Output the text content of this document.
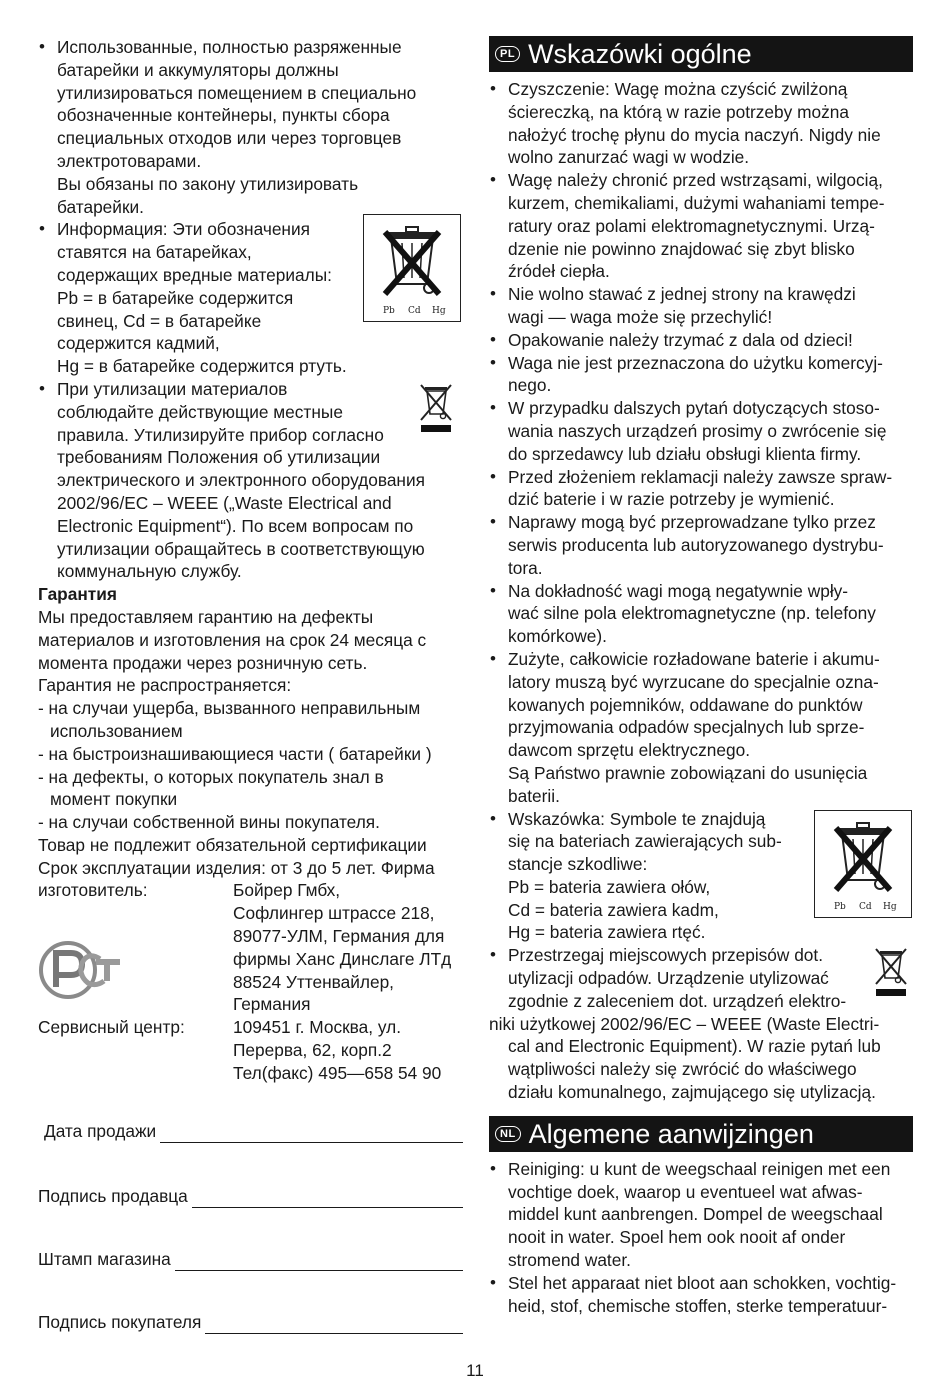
• Использованные, полностью разряженные

батарейки и аккумуляторы должны

утилизироваться помещением в специально

обозначенные контейнеры, пункты сбора

специальных отходов или через торговцев

электротоварами.

Вы обязаны по закону утилизировать

батарейки.

• Pb Cd Hg

Информация: Эти обозначения

ставятся на батарейках,

содержащих вредные материалы:

Pb = в батарейке содержится

свинец, Cd = в батарейке

содержится кадмий,

Hg = в батарейке содержится ртуть.

• При утилизации материалов

соблюдайте действующие местные

правила. Утилизируйте прибор согласно

требованиям Положения об утилизации

электрического и электронного оборудования

2002/96/EC – WEEE („Waste Electrical and

Electronic Equipment“). По всем вопросам по

утилизации обращайтесь в соответствующую

коммунальную службу.

Гарантия

Мы предоставляем гарантию на дефекты

материалов и изготовления на срок 24 месяца с

момента продажи через розничную сеть.

Гарантия не распространяется:

- на случаи ущерба, вызванного неправильным

использованием

- на быстроизнашивающиеся части ( батарейки )

- на дефекты, о которых покупатель знал в

момент покупки

- на случаи собственной вины покупателя.

Товар не подлежит обязательной сертификации

Срок эксплуатации изделия: от 3 до 5 лет. Фирма

изготовитель:	Бойрер Гмбх,

Софлингер штрассе 218,

89077-УЛМ, Германия для

фирмы Ханс Динслаге ЛТд

88524 Уттенвайлер,

Германия

Сервисный центр:	109451 г. Москва, ул.

Перерва, 62, корп.2

Тел(факс) 495—658 54 90

Дата продажи
Подпись продавца
Штамп магазина
Подпись покупателя
PL Wskazówki ogólne

• Czyszczenie: Wagę można czyścić zwilżoną

ściereczką, na którą w razie potrzeby można

nałożyć trochę płynu do mycia naczyń. Nigdy nie

wolno zanurzać wagi w wodzie.

• Wagę należy chronić przed wstrząsami, wilgocią,

kurzem, chemikaliami, dużymi wahaniami tempe-

ratury oraz polami elektromagnetycznymi. Urzą-

dzenie nie powinno znajdować się zbyt blisko

źródeł ciepła.

• Nie wolno stawać z jednej strony na krawędzi

wagi — waga może się przechylić!

• Opakowanie należy trzymać z dala od dzieci!

• Waga nie jest przeznaczona do użytku komercyj-

nego.

• W przypadku dalszych pytań dotyczących stoso-

wania naszych urządzeń prosimy o zwrócenie się

do sprzedawcy lub działu obsługi klienta firmy.

• Przed złożeniem reklamacji należy zawsze spraw-

dzić baterie i w razie potrzeby je wymienić.

• Naprawy mogą być przeprowadzane tylko przez

serwis producenta lub autoryzowanego dystrybu-

tora.

• Na dokładność wagi mogą negatywnie wpły-

wać silne pola elektromagnetyczne (np. telefony

komórkowe).

• Zużyte, całkowicie rozładowane baterie i akumu-

latory muszą być wyrzucane do specjalnie ozna-

kowanych pojemników, oddawane do punktów

przyjmowania odpadów specjalnych lub sprze-

dawcom sprzętu elektrycznego.

Są Państwo prawnie zobowiązani do usunięcia

baterii.

• Pb Cd Hg

Wskazówka: Symbole te znajdują

się na bateriach zawierających sub-

stancje szkodliwe:

Pb = bateria zawiera ołów,

Cd = bateria zawiera kadm,

Hg = bateria zawiera rtęć.

• Przestrzegaj miejscowych przepisów dot.

utylizacji odpadów. Urządzenie utylizować

zgodnie z zaleceniem dot. urządzeń elektro-

niki użytkowej 2002/96/EC – WEEE (Waste Electri-

cal and Electronic Equipment). W razie pytań lub

wątpliwości należy się zwrócić do właściwego

działu komunalnego, zajmującego się utylizacją.

NL Algemene aanwijzingen

• Reiniging: u kunt de weegschaal reinigen met een

vochtige doek, waarop u eventueel wat afwas-

middel kunt aanbrengen. Dompel de weegschaal

nooit in water. Spoel hem ook nooit af onder

stromend water.

• Stel het apparaat niet bloot aan schokken, vochtig-

heid, stof, chemische stoffen, sterke temperatuur-

11
